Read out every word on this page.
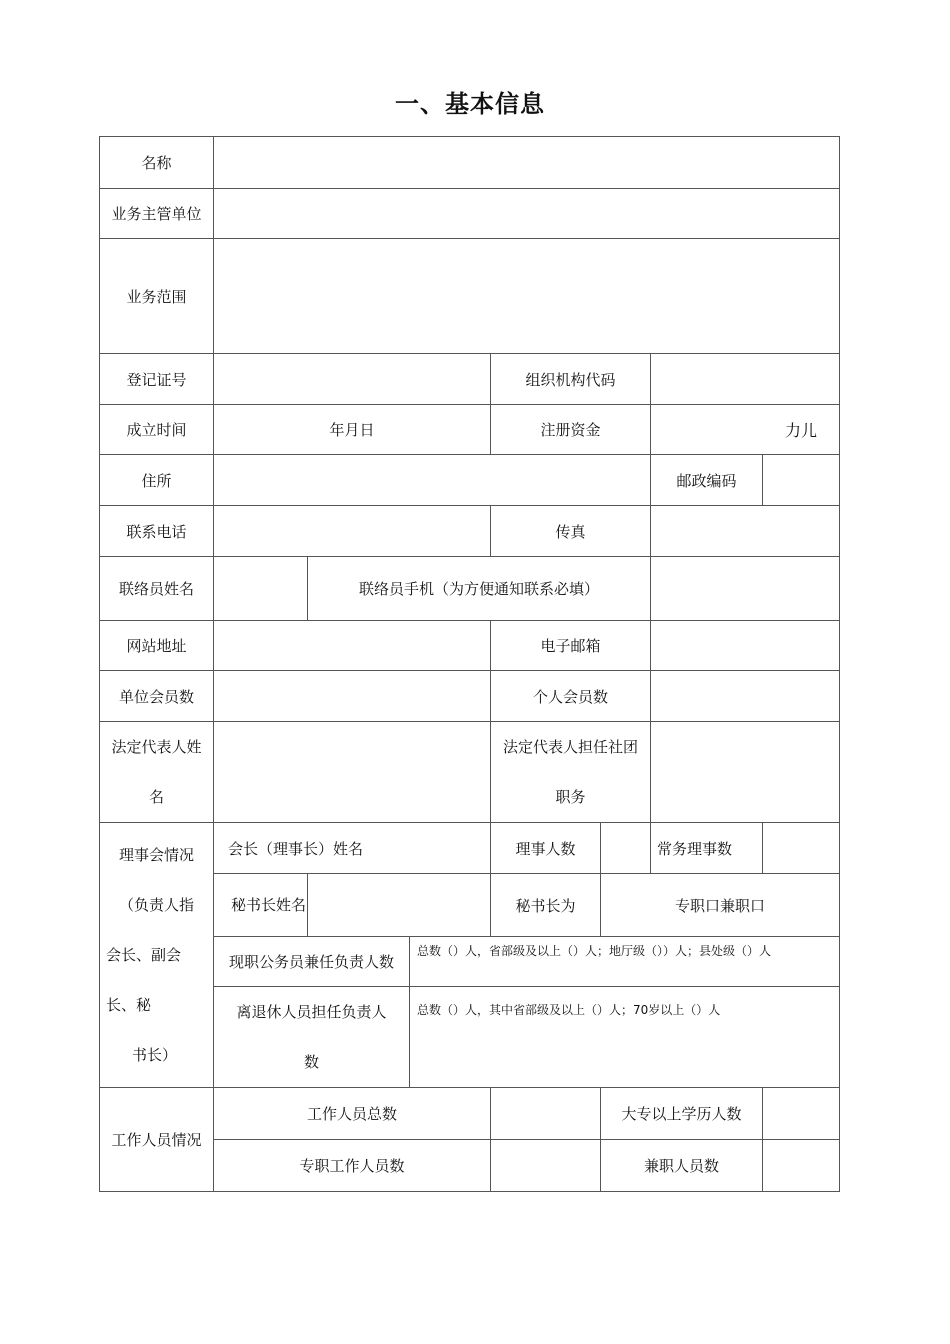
一、基本信息
名称							
业务主管单位							
业务范围							
登记证号				组织机构代码			
成立时间	年月日			注册资金		力儿	
住所						邮政编码	
联系电话				传真			
联络员姓名		联络员手机（为方便通知联系必填）					
网站地址				电子邮箱			
单位会员数				个人会员数			
法定代表人姓
名				法定代表人担任社团
职务			

理事会情况
（负责人指
会长、副会
长、秘
书长）	会长（理事长）姓名			理事人数		常务理事数	
	秘书长姓名			秘书长为	专职口兼职口		
	现职公务员兼任负责人数		总数（）人，省部级及以上（）人；地厅级（））人；县处级（）人				
	离退休人员担任负责人
数		总数（）人，其中省部级及以上（）人；70岁以上（）人				
工作人员情况	工作人员总数				大专以上学历人数		
	专职工作人员数				兼职人员数		
